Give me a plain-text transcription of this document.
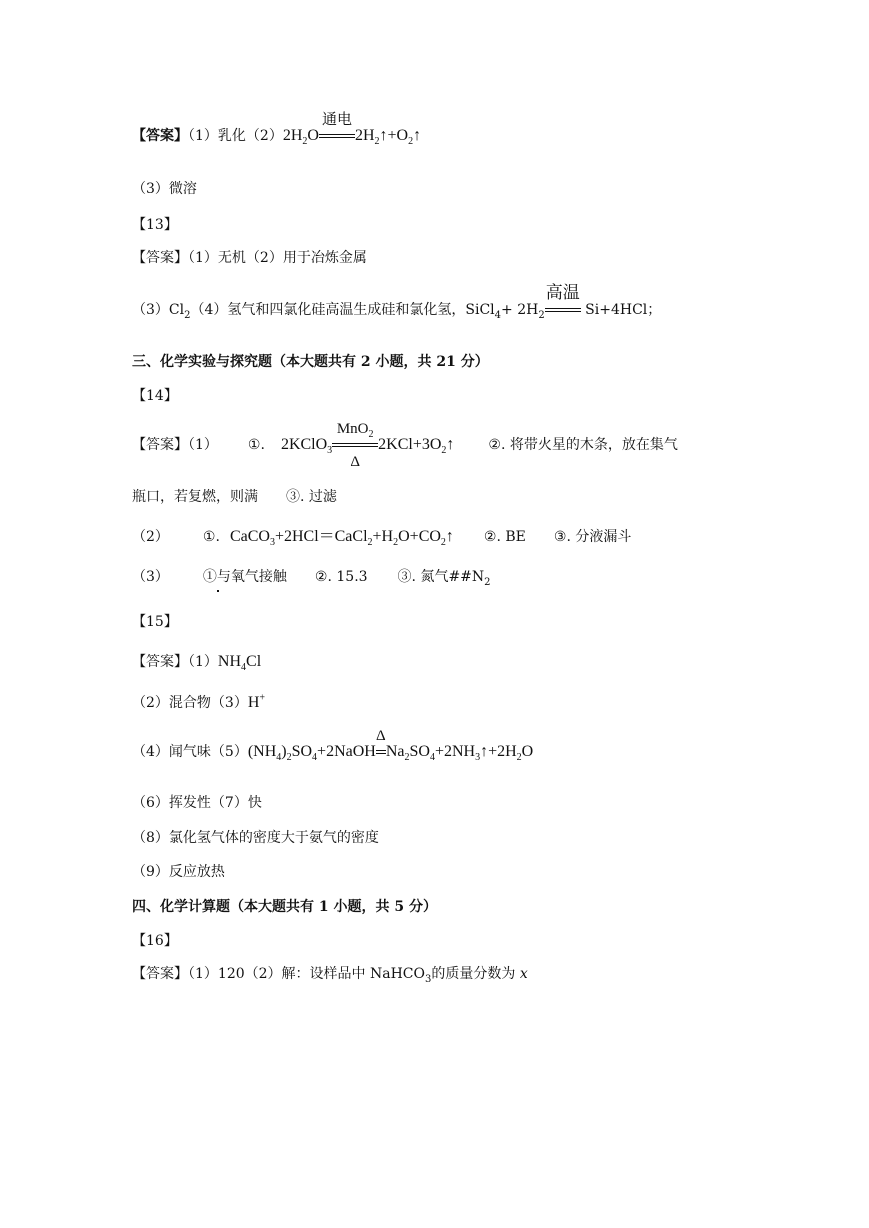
【答案】（1）乳化$(2)2H_2O$
通电
$2H_2↑+O_2↑$
（3）微溶
【13】
【答案】（1）无机（2）用于冶炼金属
$(3)Cl_2(4)$氢气和四氯化硅高温生成硅和氯化氢，SiCl$_4$+ $2H_2$
高温
Si+4HCl；
三、化学实验与探究题（本大题共有 2 小题，共 21 分）
【14】
【答案】（1） ①. 2KClO$_3$
MnO$_2$
Δ
$2KCl+3O_2↑$ ②. 将带火星的木条，放在集气
瓶口，若复燃，则满　　③. 过滤
（2） ①. $CaCO_3+2HCl=CaCl_2+H_2O+CO_2↑$ ②. BE ③. 分液漏斗
（3） ①与氧气接触 ②. 15.3 ③. 氮气$\#\#N_2$
【15】
【答案】$(1)NH_4Cl$
（2）混合物（3）H+
（4）闻气味$(5)(NH_4)_2SO_4+2NaOH$
Δ
$Na_2SO_4+2NH_3↑+2H_2O$
（6）挥发性（7）快
（8）氯化氢气体的密度大于氨气的密度
（9）反应放热
四、化学计算题（本大题共有 1 小题，共 5 分）
【16】
【答案】（1）120（2）解：设样品中 NaHCO$_3$的质量分数为 x
